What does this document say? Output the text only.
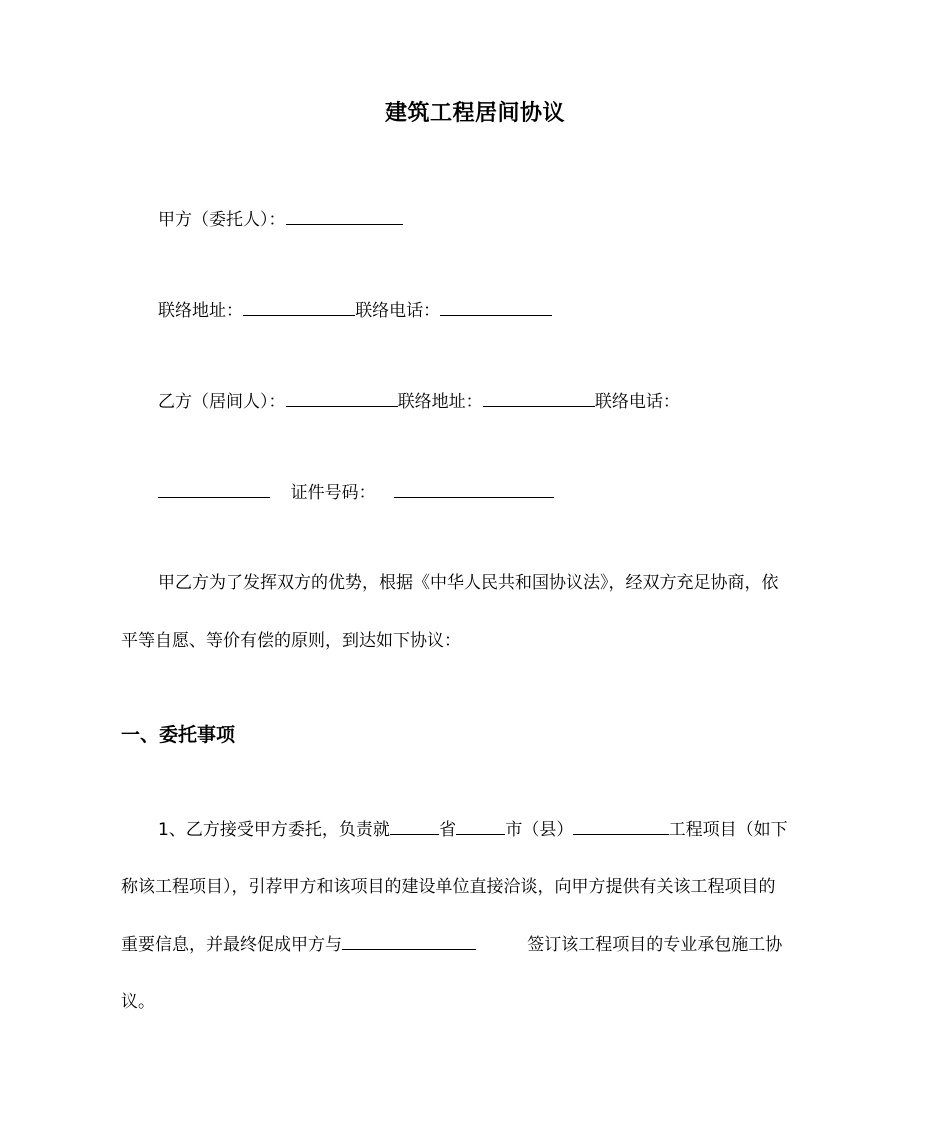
建筑工程居间协议
甲方（委托人）：
联络地址：	联络电话：
乙方（居间人）：	联络地址：	联络电话：
证件号码：
甲乙方为了发挥双方的优势，根据《中华人民共和国协议法》，经双方充足协商，依
平等自愿、等价有偿的原则，到达如下协议：
一、委托事项
1、乙方接受甲方委托，负责就	省	市（县）	工程项目（如下
称该工程项目），引荐甲方和该项目的建设单位直接洽谈，向甲方提供有关该工程项目的
重要信息，并最终促成甲方与	签订该工程项目的专业承包施工协
议。
